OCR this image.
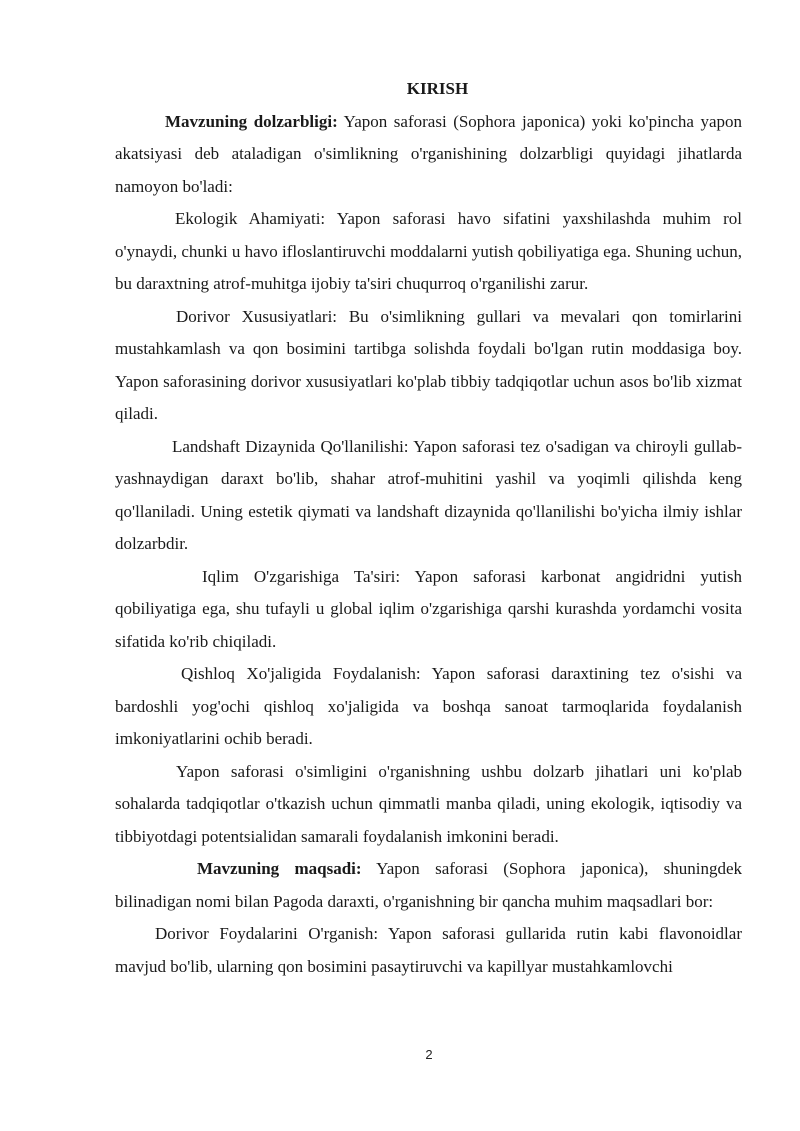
KIRISH

Mavzuning dolzarbligi: Yapon saforasi (Sophora japonica) yoki ko'pincha yapon akatsiyasi deb ataladigan o'simlikning o'rganishining dolzarbligi quyidagi jihatlarda namoyon bo'ladi:

Ekologik Ahamiyati: Yapon saforasi havo sifatini yaxshilashda muhim rol o'ynaydi, chunki u havo ifloslantiruvchi moddalarni yutish qobiliyatiga ega. Shuning uchun, bu daraxtning atrof-muhitga ijobiy ta'siri chuqurroq o'rganilishi zarur.

Dorivor Xususiyatlari: Bu o'simlikning gullari va mevalari qon tomirlarini mustahkamlash va qon bosimini tartibga solishda foydali bo'lgan rutin moddasiga boy. Yapon saforasining dorivor xususiyatlari ko'plab tibbiy tadqiqotlar uchun asos bo'lib xizmat qiladi.

Landshaft Dizaynida Qo'llanilishi: Yapon saforasi tez o'sadigan va chiroyli gullab-yashnaydigan daraxt bo'lib, shahar atrof-muhitini yashil va yoqimli qilishda keng qo'llaniladi. Uning estetik qiymati va landshaft dizaynida qo'llanilishi bo'yicha ilmiy ishlar dolzarbdir.

Iqlim O'zgarishiga Ta'siri: Yapon saforasi karbonat angidridni yutish qobiliyatiga ega, shu tufayli u global iqlim o'zgarishiga qarshi kurashda yordamchi vosita sifatida ko'rib chiqiladi.

Qishloq Xo'jaligida Foydalanish: Yapon saforasi daraxtining tez o'sishi va bardoshli yog'ochi qishloq xo'jaligida va boshqa sanoat tarmoqlarida foydalanish imkoniyatlarini ochib beradi.

Yapon saforasi o'simligini o'rganishning ushbu dolzarb jihatlari uni ko'plab sohalarda tadqiqotlar o'tkazish uchun qimmatli manba qiladi, uning ekologik, iqtisodiy va tibbiyotdagi potentsialidan samarali foydalanish imkonini beradi.

Mavzuning maqsadi: Yapon saforasi (Sophora japonica), shuningdek bilinadigan nomi bilan Pagoda daraxti, o'rganishning bir qancha muhim maqsadlari bor:

Dorivor Foydalarini O'rganish: Yapon saforasi gullarida rutin kabi flavonoidlar mavjud bo'lib, ularning qon bosimini pasaytiruvchi va kapillyar mustahkamlovchi

2
